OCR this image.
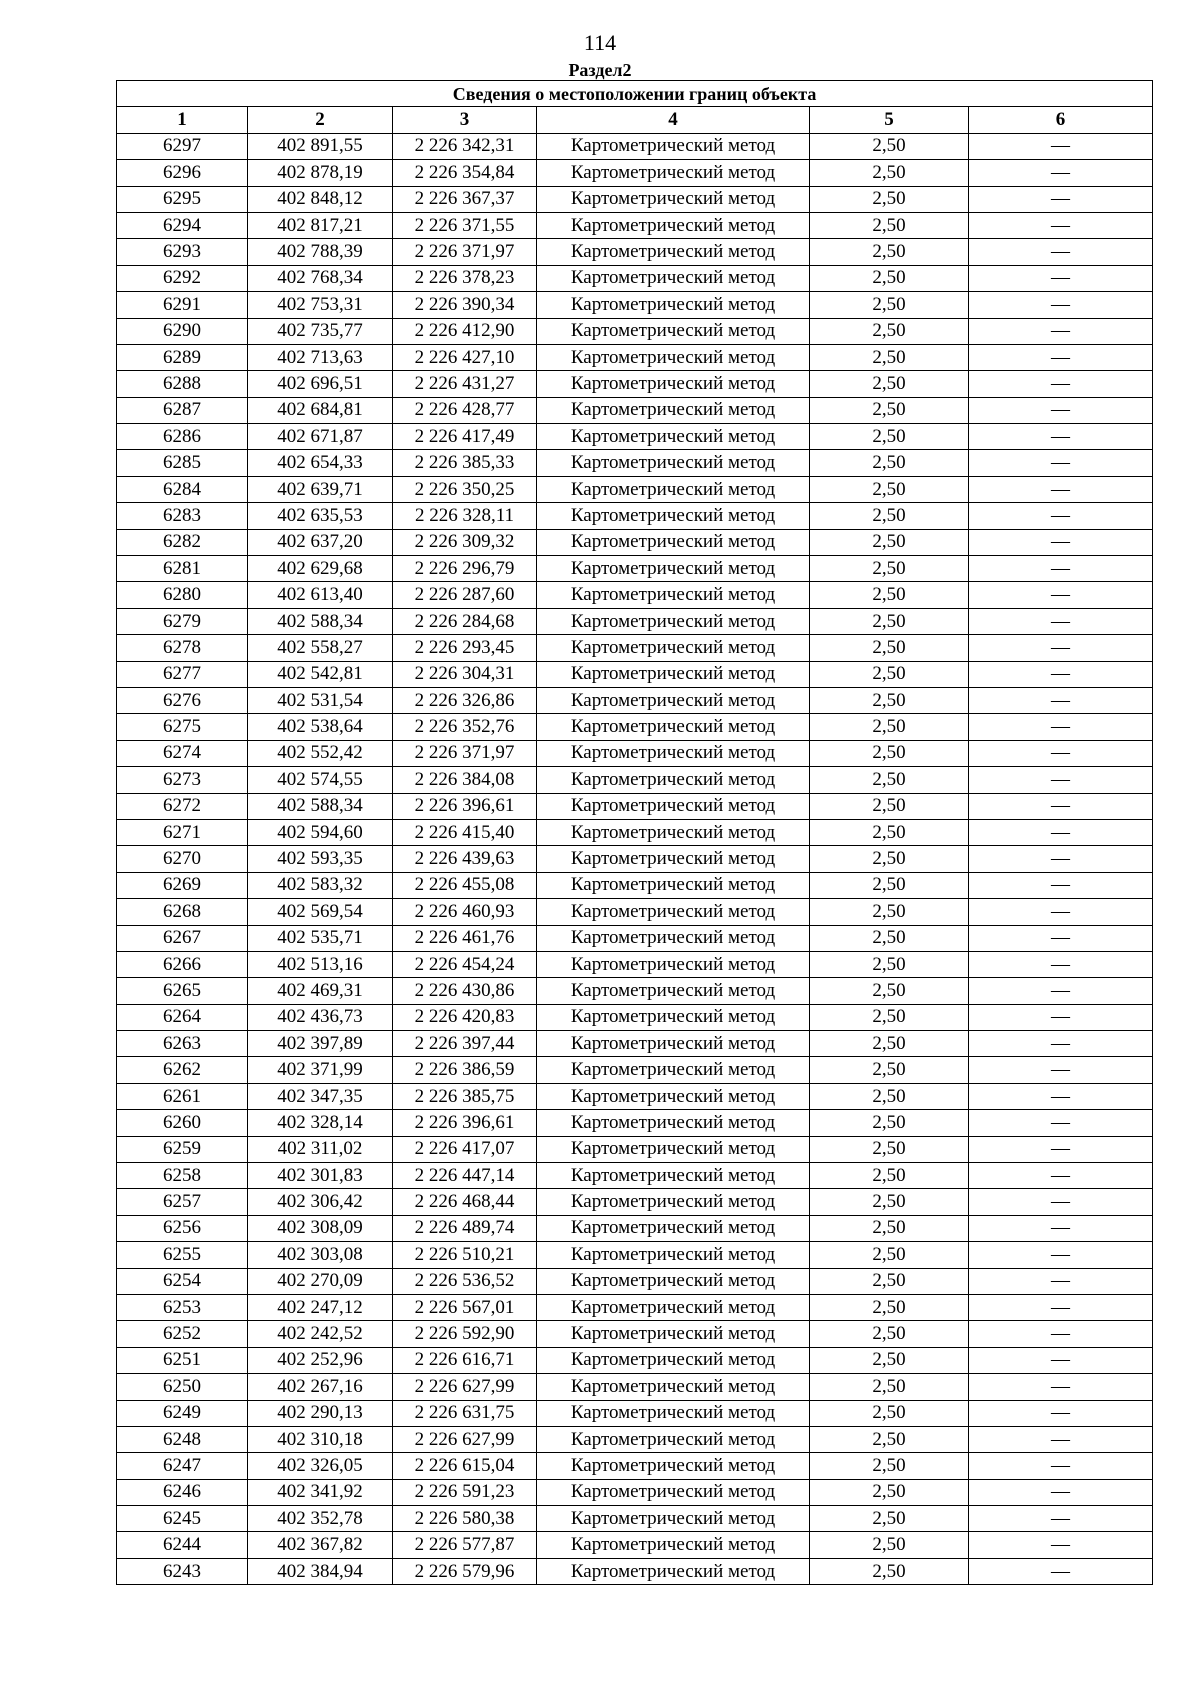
114
Раздел2
Сведения о местоположении границ объекта					
1	2	3	4	5	6
6297	402 891,55	2 226 342,31	Картометрический метод	2,50	—
6296	402 878,19	2 226 354,84	Картометрический метод	2,50	—
6295	402 848,12	2 226 367,37	Картометрический метод	2,50	—
6294	402 817,21	2 226 371,55	Картометрический метод	2,50	—
6293	402 788,39	2 226 371,97	Картометрический метод	2,50	—
6292	402 768,34	2 226 378,23	Картометрический метод	2,50	—
6291	402 753,31	2 226 390,34	Картометрический метод	2,50	—
6290	402 735,77	2 226 412,90	Картометрический метод	2,50	—
6289	402 713,63	2 226 427,10	Картометрический метод	2,50	—
6288	402 696,51	2 226 431,27	Картометрический метод	2,50	—
6287	402 684,81	2 226 428,77	Картометрический метод	2,50	—
6286	402 671,87	2 226 417,49	Картометрический метод	2,50	—
6285	402 654,33	2 226 385,33	Картометрический метод	2,50	—
6284	402 639,71	2 226 350,25	Картометрический метод	2,50	—
6283	402 635,53	2 226 328,11	Картометрический метод	2,50	—
6282	402 637,20	2 226 309,32	Картометрический метод	2,50	—
6281	402 629,68	2 226 296,79	Картометрический метод	2,50	—
6280	402 613,40	2 226 287,60	Картометрический метод	2,50	—
6279	402 588,34	2 226 284,68	Картометрический метод	2,50	—
6278	402 558,27	2 226 293,45	Картометрический метод	2,50	—
6277	402 542,81	2 226 304,31	Картометрический метод	2,50	—
6276	402 531,54	2 226 326,86	Картометрический метод	2,50	—
6275	402 538,64	2 226 352,76	Картометрический метод	2,50	—
6274	402 552,42	2 226 371,97	Картометрический метод	2,50	—
6273	402 574,55	2 226 384,08	Картометрический метод	2,50	—
6272	402 588,34	2 226 396,61	Картометрический метод	2,50	—
6271	402 594,60	2 226 415,40	Картометрический метод	2,50	—
6270	402 593,35	2 226 439,63	Картометрический метод	2,50	—
6269	402 583,32	2 226 455,08	Картометрический метод	2,50	—
6268	402 569,54	2 226 460,93	Картометрический метод	2,50	—
6267	402 535,71	2 226 461,76	Картометрический метод	2,50	—
6266	402 513,16	2 226 454,24	Картометрический метод	2,50	—
6265	402 469,31	2 226 430,86	Картометрический метод	2,50	—
6264	402 436,73	2 226 420,83	Картометрический метод	2,50	—
6263	402 397,89	2 226 397,44	Картометрический метод	2,50	—
6262	402 371,99	2 226 386,59	Картометрический метод	2,50	—
6261	402 347,35	2 226 385,75	Картометрический метод	2,50	—
6260	402 328,14	2 226 396,61	Картометрический метод	2,50	—
6259	402 311,02	2 226 417,07	Картометрический метод	2,50	—
6258	402 301,83	2 226 447,14	Картометрический метод	2,50	—
6257	402 306,42	2 226 468,44	Картометрический метод	2,50	—
6256	402 308,09	2 226 489,74	Картометрический метод	2,50	—
6255	402 303,08	2 226 510,21	Картометрический метод	2,50	—
6254	402 270,09	2 226 536,52	Картометрический метод	2,50	—
6253	402 247,12	2 226 567,01	Картометрический метод	2,50	—
6252	402 242,52	2 226 592,90	Картометрический метод	2,50	—
6251	402 252,96	2 226 616,71	Картометрический метод	2,50	—
6250	402 267,16	2 226 627,99	Картометрический метод	2,50	—
6249	402 290,13	2 226 631,75	Картометрический метод	2,50	—
6248	402 310,18	2 226 627,99	Картометрический метод	2,50	—
6247	402 326,05	2 226 615,04	Картометрический метод	2,50	—
6246	402 341,92	2 226 591,23	Картометрический метод	2,50	—
6245	402 352,78	2 226 580,38	Картометрический метод	2,50	—
6244	402 367,82	2 226 577,87	Картометрический метод	2,50	—
6243	402 384,94	2 226 579,96	Картометрический метод	2,50	—
